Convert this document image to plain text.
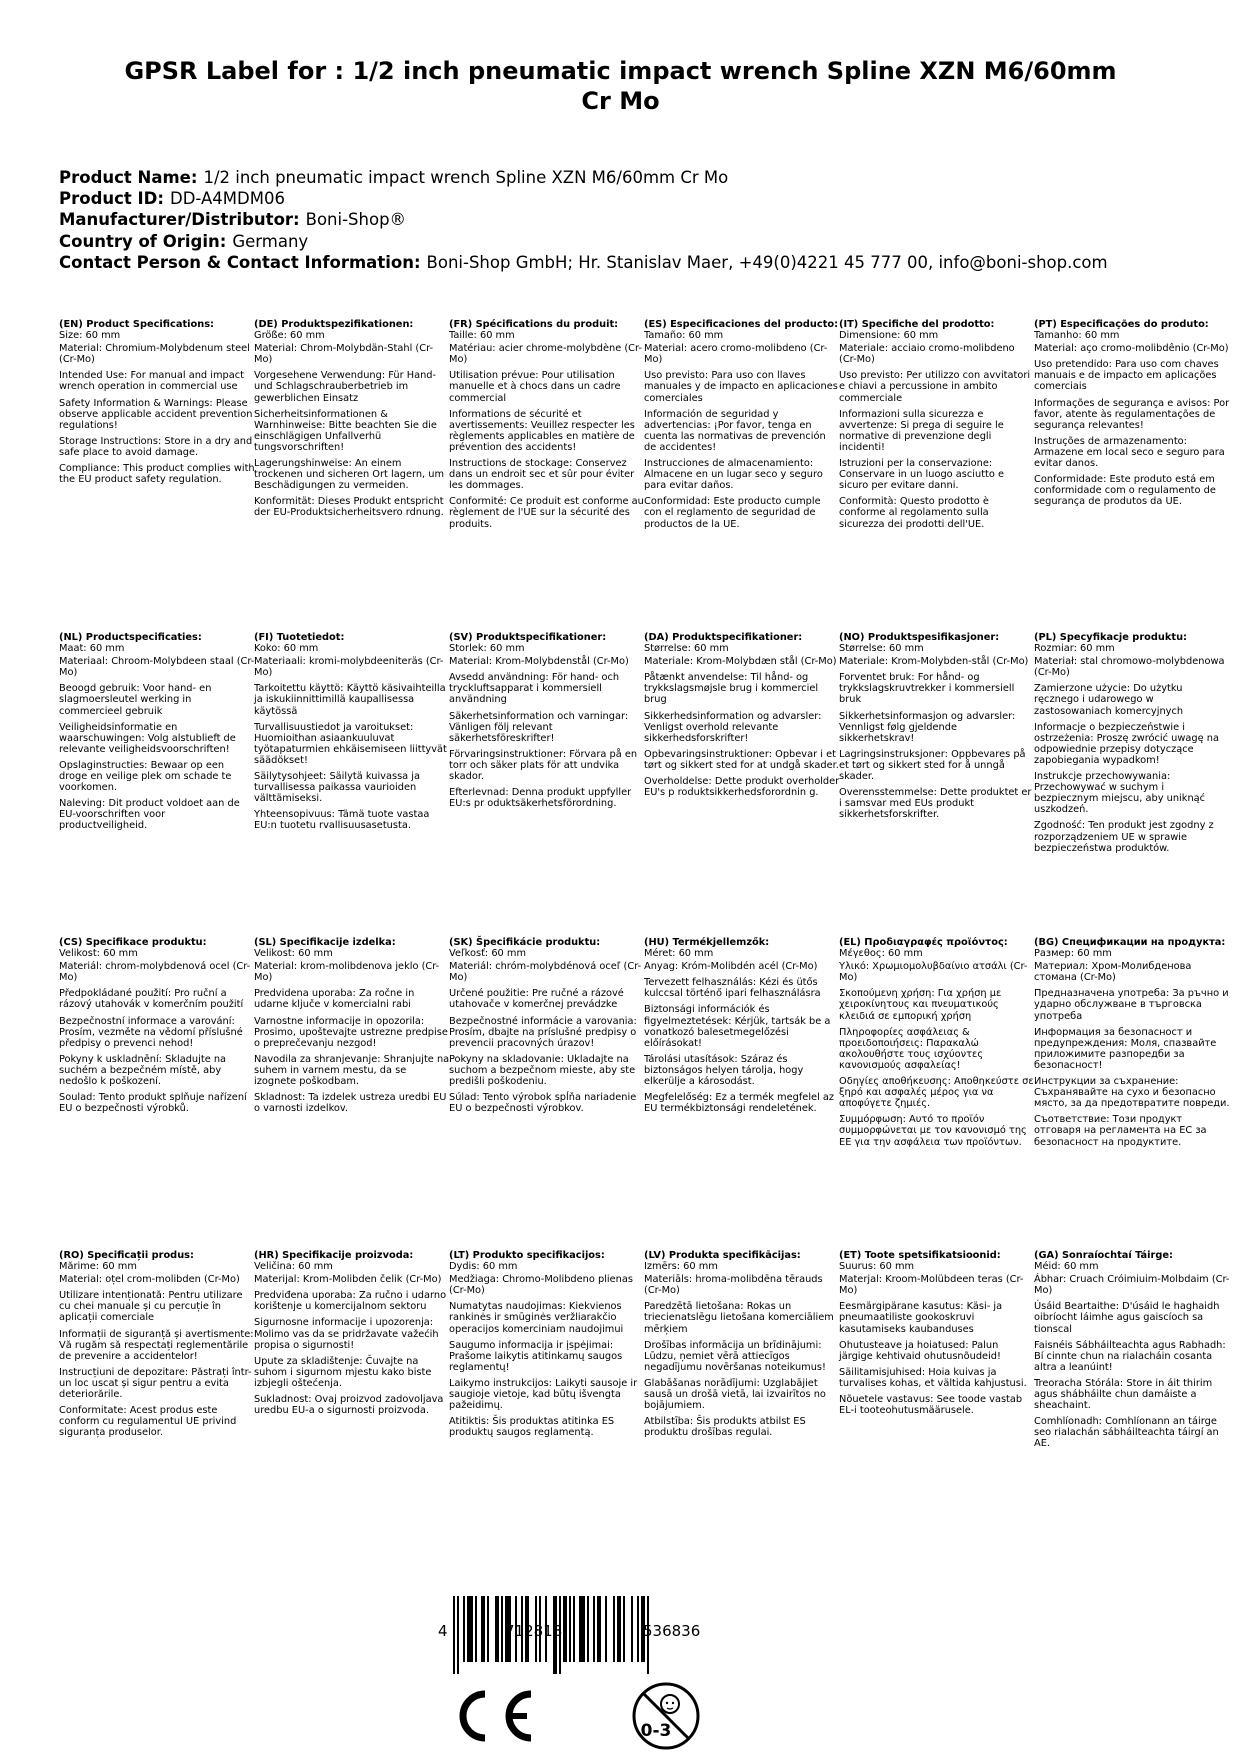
GPSR Label for : 1/2 inch pneumatic impact wrench Spline XZN M6/60mm Cr Mo
Product Name: 1/2 inch pneumatic impact wrench Spline XZN M6/60mm Cr Mo
Product ID: DD-A4MDM06
Manufacturer/Distributor: Boni-Shop®
Country of Origin: Germany
Contact Person & Contact Information: Boni-Shop GmbH; Hr. Stanislav Maer, +49(0)4221 45 777 00, info@boni-shop.com
(EN) Product Specifications:

Size: 60 mm

Material: Chromium-Molybdenum steel (Cr-Mo)

Intended Use: For manual and impact wrench operation in commercial use

Safety Information & Warnings: Please observe applicable accident prevention regulations!

Storage Instructions: Store in a dry and safe place to avoid damage.

Compliance: This product complies with the EU product safety regulation.

(DE) Produktspezifikationen:

Größe: 60 mm

Material: Chrom-Molybdän-Stahl (Cr-Mo)

Vorgesehene Verwendung: Für Hand- und Schlagschrauberbetrieb im gewerblichen Einsatz

Sicherheitsinformationen & Warnhinweise: Bitte beachten Sie die einschlägigen Unfallverhü tungsvorschriften!

Lagerungshinweise: An einem trockenen und sicheren Ort lagern, um Beschädigungen zu vermeiden.

Konformität: Dieses Produkt entspricht der EU-Produktsicherheitsvero rdnung.

(FR) Spécifications du produit:

Taille: 60 mm

Matériau: acier chrome-molybdène (Cr-Mo)

Utilisation prévue: Pour utilisation manuelle et à chocs dans un cadre commercial

Informations de sécurité et avertissements: Veuillez respecter les règlements applicables en matière de prévention des accidents!

Instructions de stockage: Conservez dans un endroit sec et sûr pour éviter les dommages.

Conformité: Ce produit est conforme au règlement de l'UE sur la sécurité des produits.

(ES) Especificaciones del producto:

Tamaño: 60 mm

Material: acero cromo-molibdeno (Cr-Mo)

Uso previsto: Para uso con llaves manuales y de impacto en aplicaciones comerciales

Información de seguridad y advertencias: ¡Por favor, tenga en cuenta las normativas de prevención de accidentes!

Instrucciones de almacenamiento: Almacene en un lugar seco y seguro para evitar daños.

Conformidad: Este producto cumple con el reglamento de seguridad de productos de la UE.

(IT) Specifiche del prodotto:

Dimensione: 60 mm

Materiale: acciaio cromo-molibdeno (Cr-Mo)

Uso previsto: Per utilizzo con avvitatori e chiavi a percussione in ambito commerciale

Informazioni sulla sicurezza e avvertenze: Si prega di seguire le normative di prevenzione degli incidenti!

Istruzioni per la conservazione: Conservare in un luogo asciutto e sicuro per evitare danni.

Conformità: Questo prodotto è conforme al regolamento sulla sicurezza dei prodotti dell'UE.

(PT) Especificações do produto:

Tamanho: 60 mm

Material: aço cromo-molibdênio (Cr-Mo)

Uso pretendido: Para uso com chaves manuais e de impacto em aplicações comerciais

Informações de segurança e avisos: Por favor, atente às regulamentações de segurança relevantes!

Instruções de armazenamento: Armazene em local seco e seguro para evitar danos.

Conformidade: Este produto está em conformidade com o regulamento de segurança de produtos da UE.

(NL) Productspecificaties:

Maat: 60 mm

Materiaal: Chroom-Molybdeen staal (Cr-Mo)

Beoogd gebruik: Voor hand- en slagmoersleutel werking in commercieel gebruik

Veiligheidsinformatie en waarschuwingen: Volg alstublieft de relevante veiligheidsvoorschriften!

Opslaginstructies: Bewaar op een droge en veilige plek om schade te voorkomen.

Naleving: Dit product voldoet aan de EU-voorschriften voor productveiligheid.

(FI) Tuotetiedot:

Koko: 60 mm

Materiaali: kromi-molybdeeniteräs (Cr-Mo)

Tarkoitettu käyttö: Käyttö käsivaihteilla ja iskukiinnittimillä kaupallisessa käytössä

Turvallisuustiedot ja varoitukset: Huomioithan asiaankuuluvat työtapaturmien ehkäisemiseen liittyvät säädökset!

Säilytysohjeet: Säilytä kuivassa ja turvallisessa paikassa vaurioiden välttämiseksi.

Yhteensopivuus: Tämä tuote vastaa EU:n tuotetu rvallisuusasetusta.

(SV) Produktspecifikationer:

Storlek: 60 mm

Material: Krom-Molybdenstål (Cr-Mo)

Avsedd användning: För hand- och tryckluftsapparat i kommersiell användning

Säkerhetsinformation och varningar: Vänligen följ relevant säkerhetsföreskrifter!

Förvaringsinstruktioner: Förvara på en torr och säker plats för att undvika skador.

Efterlevnad: Denna produkt uppfyller EU:s pr oduktsäkerhetsförordning.

(DA) Produktspecifikationer:

Størrelse: 60 mm

Materiale: Krom-Molybdæn stål (Cr-Mo)

Påtænkt anvendelse: Til hånd- og trykkslagsmøjsle brug i kommerciel brug

Sikkerhedsinformation og advarsler: Venligst overhold relevante sikkerhedsforskrifter!

Opbevaringsinstruktioner: Opbevar i et tørt og sikkert sted for at undgå skader.

Overholdelse: Dette produkt overholder EU's p roduktsikkerhedsforordnin g.

(NO) Produktspesifikasjoner:

Størrelse: 60 mm

Materiale: Krom-Molybden-stål (Cr-Mo)

Forventet bruk: For hånd- og trykkslagskruvtrekker i kommersiell bruk

Sikkerhetsinformasjon og advarsler: Vennligst følg gjeldende sikkerhetskrav!

Lagringsinstruksjoner: Oppbevares på et tørt og sikkert sted for å unngå skader.

Overensstemmelse: Dette produktet er i samsvar med EUs produkt sikkerhetsforskrifter.

(PL) Specyfikacje produktu:

Rozmiar: 60 mm

Materiał: stal chromowo-molybdenowa (Cr-Mo)

Zamierzone użycie: Do użytku ręcznego i udarowego w zastosowaniach komercyjnych

Informacje o bezpieczeństwie i ostrzeżenia: Proszę zwrócić uwagę na odpowiednie przepisy dotyczące zapobiegania wypadkom!

Instrukcje przechowywania: Przechowywać w suchym i bezpiecznym miejscu, aby uniknąć uszkodzeń.

Zgodność: Ten produkt jest zgodny z rozporządzeniem UE w sprawie bezpieczeństwa produktów.

(CS) Specifikace produktu:

Velikost: 60 mm

Materiál: chrom-molybdenová ocel (Cr-Mo)

Předpokládané použití: Pro ruční a rázový utahovák v komerčním použití

Bezpečnostní informace a varování: Prosím, vezměte na vědomí příslušné předpisy o prevenci nehod!

Pokyny k uskladnění: Skladujte na suchém a bezpečném místě, aby nedošlo k poškození.

Soulad: Tento produkt splňuje nařízení EU o bezpečnosti výrobků.

(SL) Specifikacije izdelka:

Velikost: 60 mm

Material: krom-molibdenova jeklo (Cr-Mo)

Predvidena uporaba: Za ročne in udarne ključe v komercialni rabi

Varnostne informacije in opozorila: Prosimo, upoštevajte ustrezne predpise o preprečevanju nezgod!

Navodila za shranjevanje: Shranjujte na suhem in varnem mestu, da se izognete poškodbam.

Skladnost: Ta izdelek ustreza uredbi EU o varnosti izdelkov.

(SK) Špecifikácie produktu:

Veľkosť: 60 mm

Materiál: chróm-molybdénová oceľ (Cr-Mo)

Určené použitie: Pre ručné a rázové utahovače v komerčnej prevádzke

Bezpečnostné informácie a varovania: Prosím, dbajte na príslušné predpisy o prevencii pracovných úrazov!

Pokyny na skladovanie: Ukladajte na suchom a bezpečnom mieste, aby ste predišli poškodeniu.

Súlad: Tento výrobok spĺňa nariadenie EU o bezpečnosti výrobkov.

(HU) Termékjellemzők:

Méret: 60 mm

Anyag: Króm-Molibdén acél (Cr-Mo)

Tervezett felhasználás: Kézi és ütős kulccsal történő ipari felhasználásra

Biztonsági információk és figyelmeztetések: Kérjük, tartsák be a vonatkozó balesetmegelőzési előírásokat!

Tárolási utasítások: Száraz és biztonságos helyen tárolja, hogy elkerülje a károsodást.

Megfelelőség: Ez a termék megfelel az EU termékbiztonsági rendeletének.

(EL) Προδιαγραφές προϊόντος:

Μέγεθος: 60 mm

Υλικό: Χρωμιομολυβδαίνιο ατσάλι (Cr-Mo)

Σκοπούμενη χρήση: Για χρήση με χειροκίνητους και πνευματικούς κλειδιά σε εμπορική χρήση

Πληροφορίες ασφάλειας & προειδοποιήσεις: Παρακαλώ ακολουθήστε τους ισχύοντες κανονισμούς ασφαλείας!

Οδηγίες αποθήκευσης: Αποθηκεύστε σε ξηρό και ασφαλές μέρος για να αποφύγετε ζημιές.

Συμμόρφωση: Αυτό το προϊόν συμμορφώνεται με τον κανονισμό της ΕΕ για την ασφάλεια των προϊόντων.

(BG) Спецификации на продукта:

Размер: 60 mm

Материал: Хром-Молибденова стомана (Cr-Mo)

Предназначена употреба: За ръчно и ударно обслужване в търговска употреба

Информация за безопасност и предупреждения: Моля, спазвайте приложимите разпоредби за безопасност!

Инструкции за съхранение: Съхранявайте на сухо и безопасно място, за да предотвратите повреди.

Съответствие: Този продукт отговаря на регламента на ЕС за безопасност на продуктите.

(RO) Specificații produs:

Mărime: 60 mm

Material: oțel crom-molibden (Cr-Mo)

Utilizare intenționată: Pentru utilizare cu chei manuale și cu percuție în aplicații comerciale

Informații de siguranță și avertismente: Vă rugăm să respectați reglementările de prevenire a accidentelor!

Instrucțiuni de depozitare: Păstrați într-un loc uscat și sigur pentru a evita deteriorările.

Conformitate: Acest produs este conform cu regulamentul UE privind siguranța produselor.

(HR) Specifikacije proizvoda:

Veličina: 60 mm

Materijal: Krom-Molibden čelik (Cr-Mo)

Predviđena uporaba: Za ručno i udarno korištenje u komercijalnom sektoru

Sigurnosne informacije i upozorenja: Molimo vas da se pridržavate važećih propisa o sigurnosti!

Upute za skladištenje: Čuvajte na suhom i sigurnom mjestu kako biste izbjegli oštećenja.

Sukladnost: Ovaj proizvod zadovoljava uredbu EU-a o sigurnosti proizvoda.

(LT) Produkto specifikacijos:

Dydis: 60 mm

Medžiaga: Chromo-Molibdeno plienas (Cr-Mo)

Numatytas naudojimas: Kiekvienos rankinės ir smūginės veržliarakčio operacijos komerciniam naudojimui

Saugumo informacija ir įspėjimai: Prašome laikytis atitinkamų saugos reglamentų!

Laikymo instrukcijos: Laikyti sausoje ir saugioje vietoje, kad būtų išvengta pažeidimų.

Atitiktis: Šis produktas atitinka ES produktų saugos reglamentą.

(LV) Produkta specifikācijas:

Izmērs: 60 mm

Materiāls: hroma-molibdēna tērauds (Cr-Mo)

Paredzētā lietošana: Rokas un triecienatslēgu lietošana komerciāliem mērķiem

Drošības informācija un brīdinājumi: Lūdzu, ņemiet vērā attiecīgos negadījumu novēršanas noteikumus!

Glabāšanas norādījumi: Uzglabājiet sausā un drošā vietā, lai izvairītos no bojājumiem.

Atbilstība: Šis produkts atbilst ES produktu drošības regulai.

(ET) Toote spetsifikatsioonid:

Suurus: 60 mm

Materjal: Kroom-Molübdeen teras (Cr-Mo)

Eesmärgipärane kasutus: Käsi- ja pneumaatiliste gookoskruvi kasutamiseks kaubanduses

Ohutusteave ja hoiatused: Palun järgige kehtivaid ohutusnõudeid!

Säilitamisjuhised: Hoia kuivas ja turvalises kohas, et vältida kahjustusi.

Nõuetele vastavus: See toode vastab EL-i tooteohutusmäärusele.

(GA) Sonraíochtaí Táirge:

Méid: 60 mm

Ábhar: Cruach Cróimiuim-Molbdaim (Cr-Mo)

Úsáid Beartaithe: D'úsáid le haghaidh oibríocht láimhe agus gaiscíoch sa tionscal

Faisnéis Sábháilteachta agus Rabhadh: Bí cinnte chun na rialacháin cosanta altra a leanúint!

Treoracha Stórála: Store in áit thirim agus shábháilte chun damáiste a sheachaint.

Comhlíonadh: Comhlíonann an táirge seo rialachán sábháilteachta táirgí an AE.

4	712818	536836
0-3
